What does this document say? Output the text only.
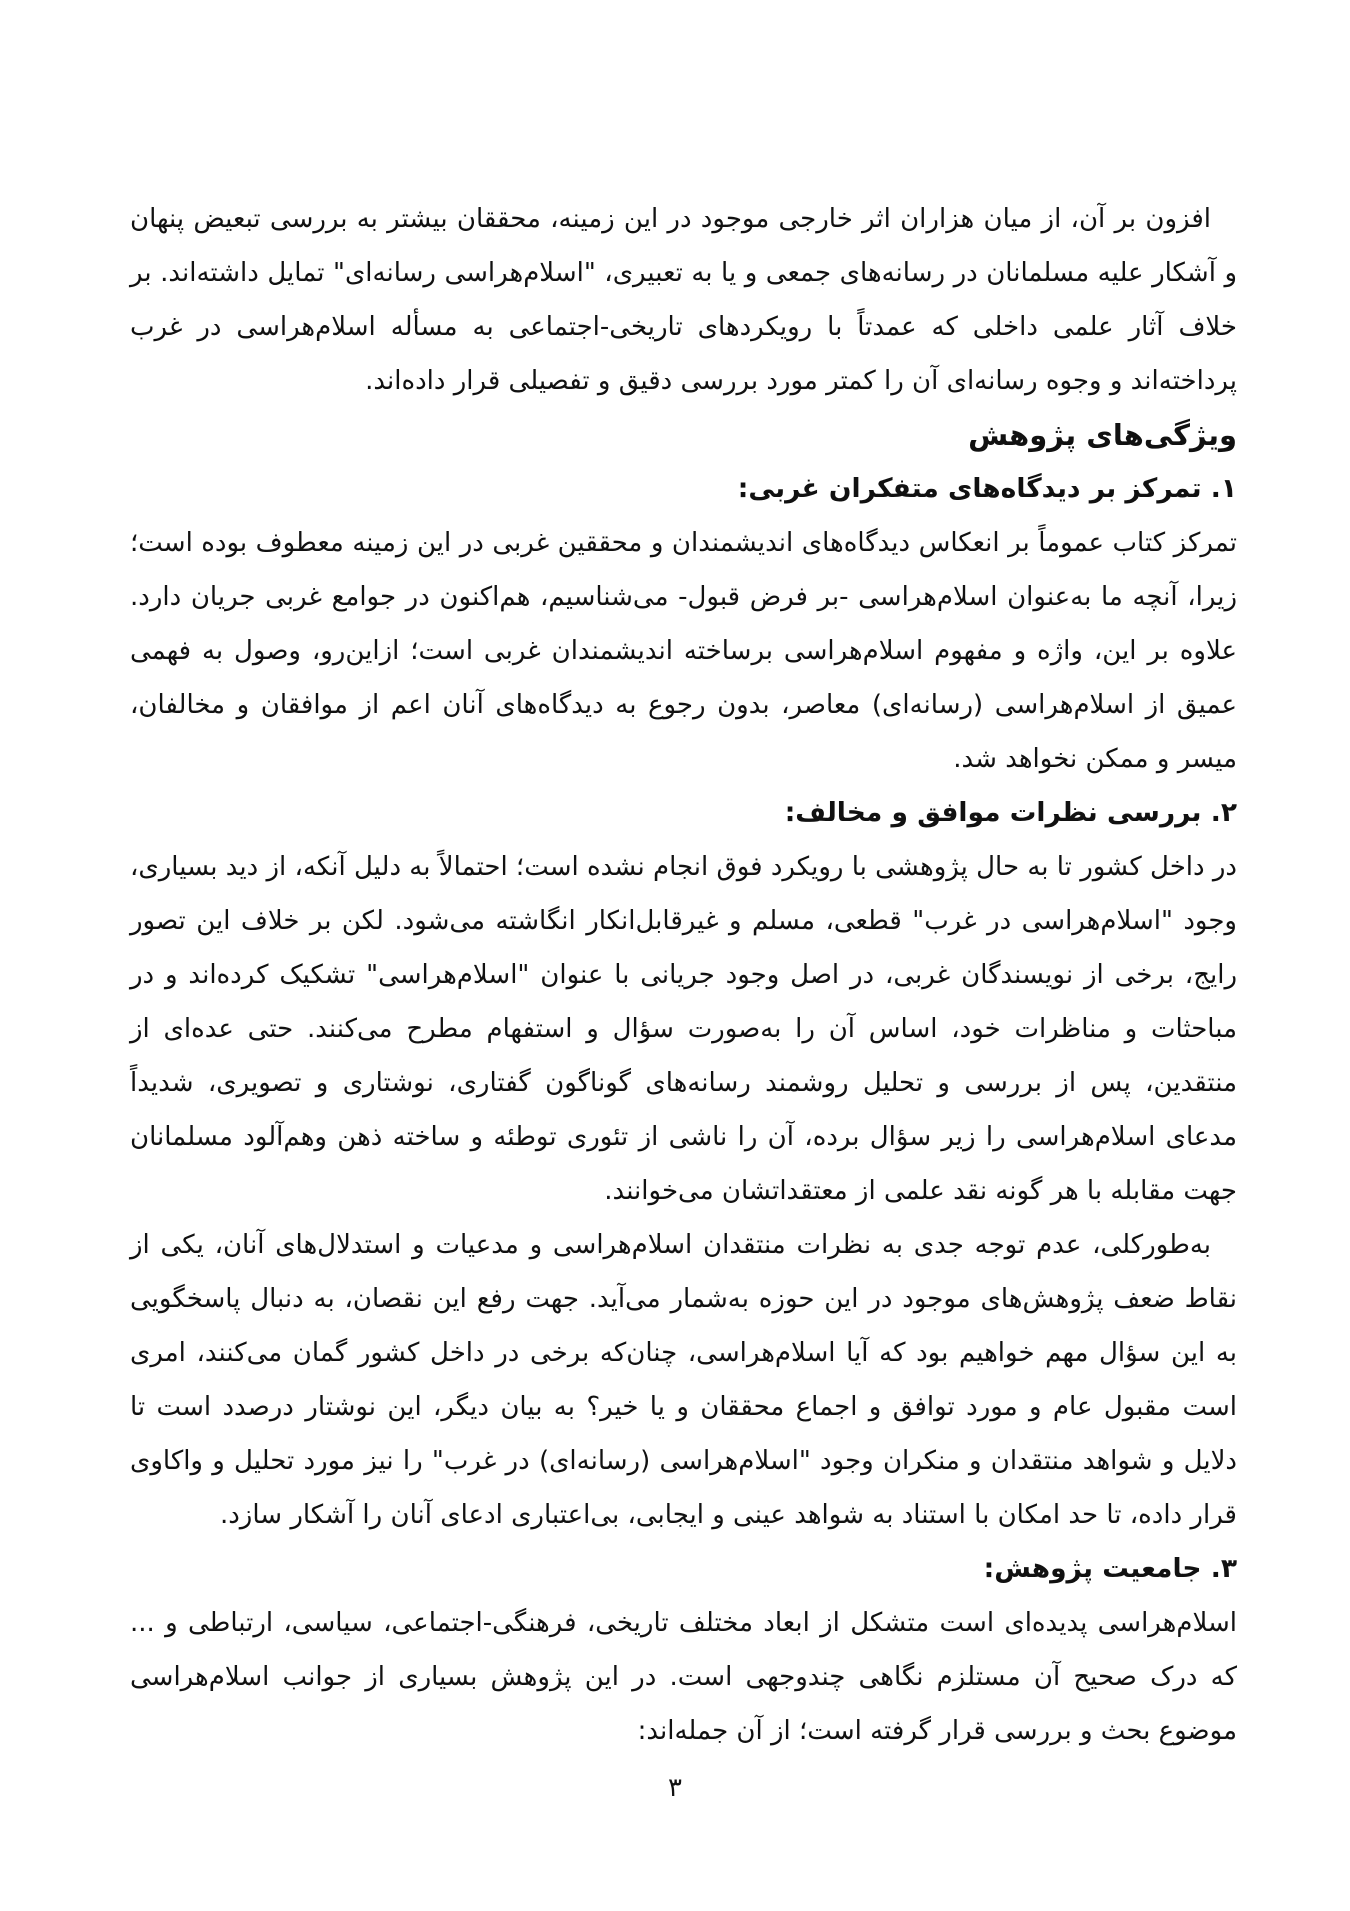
افزون بر آن، از میان هزاران اثر خارجی موجود در این زمینه، محققان بیشتر به بررسی تبعیض پنهان و آشکار علیه مسلمانان در رسانه‌های جمعی و یا به تعبیری، "اسلام‌هراسی رسانه‌ای" تمایل داشته‌اند. بر خلاف آثار علمی داخلی که عمدتاً با رویکردهای تاریخی-اجتماعی به مسأله اسلام‌هراسی در غرب پرداخته‌اند و وجوه رسانه‌ای آن را کمتر مورد بررسی دقیق و تفصیلی قرار داده‌اند.

ویژگی‌های پژوهش

۱. تمرکز بر دیدگاه‌های متفکران غربی:

تمرکز کتاب عموماً بر انعکاس دیدگاه‌های اندیشمندان و محققین غربی در این زمینه معطوف بوده است؛ زیرا، آنچه ما به‌عنوان اسلام‌هراسی -بر فرض قبول- می‌شناسیم، هم‌اکنون در جوامع غربی جریان دارد. علاوه بر این، واژه و مفهوم اسلام‌هراسی برساخته اندیشمندان غربی است؛ ازاین‌رو، وصول به فهمی عمیق از اسلام‌هراسی (رسانه‌ای) معاصر، بدون رجوع به دیدگاه‌های آنان اعم از موافقان و مخالفان، میسر و ممکن نخواهد شد.

۲. بررسی نظرات موافق و مخالف:

در داخل کشور تا به حال پژوهشی با رویکرد فوق انجام نشده است؛ احتمالاً به دلیل آنکه، از دید بسیاری، وجود "اسلام‌هراسی در غرب" قطعی، مسلم و غیرقابل‌انکار انگاشته می‌شود. لکن بر خلاف این تصور رایج، برخی از نویسندگان غربی، در اصل وجود جریانی با عنوان "اسلام‌هراسی" تشکیک کرده‌اند و در مباحثات و مناظرات خود، اساس آن را به‌صورت سؤال و استفهام مطرح می‌کنند. حتی عده‌ای از منتقدین، پس از بررسی و تحلیل روشمند رسانه‌های گوناگون گفتاری، نوشتاری و تصویری، شدیداً مدعای اسلام‌هراسی را زیر سؤال برده، آن را ناشی از تئوری توطئه و ساخته ذهن وهم‌آلود مسلمانان جهت مقابله با هر گونه نقد علمی از معتقداتشان می‌خوانند.

به‌طورکلی، عدم توجه جدی به نظرات منتقدان اسلام‌هراسی و مدعیات و استدلال‌های آنان، یکی از نقاط ضعف پژوهش‌های موجود در این حوزه به‌شمار می‌آید. جهت رفع این نقصان، به دنبال پاسخگویی به این سؤال مهم خواهیم بود که آیا اسلام‌هراسی، چنان‌که برخی در داخل کشور گمان می‌کنند، امری است مقبول عام و مورد توافق و اجماع محققان و یا خیر؟ به بیان دیگر، این نوشتار درصدد است تا دلایل و شواهد منتقدان و منکران وجود "اسلام‌هراسی (رسانه‌ای) در غرب" را نیز مورد تحلیل و واکاوی قرار داده، تا حد امکان با استناد به شواهد عینی و ایجابی، بی‌اعتباری ادعای آنان را آشکار سازد.

۳. جامعیت پژوهش:

اسلام‌هراسی پدیده‌ای است متشکل از ابعاد مختلف تاریخی، فرهنگی-اجتماعی، سیاسی، ارتباطی و ... که درک صحیح آن مستلزم نگاهی چندوجهی است. در این پژوهش بسیاری از جوانب اسلام‌هراسی موضوع بحث و بررسی قرار گرفته است؛ از آن جمله‌اند:

۳
